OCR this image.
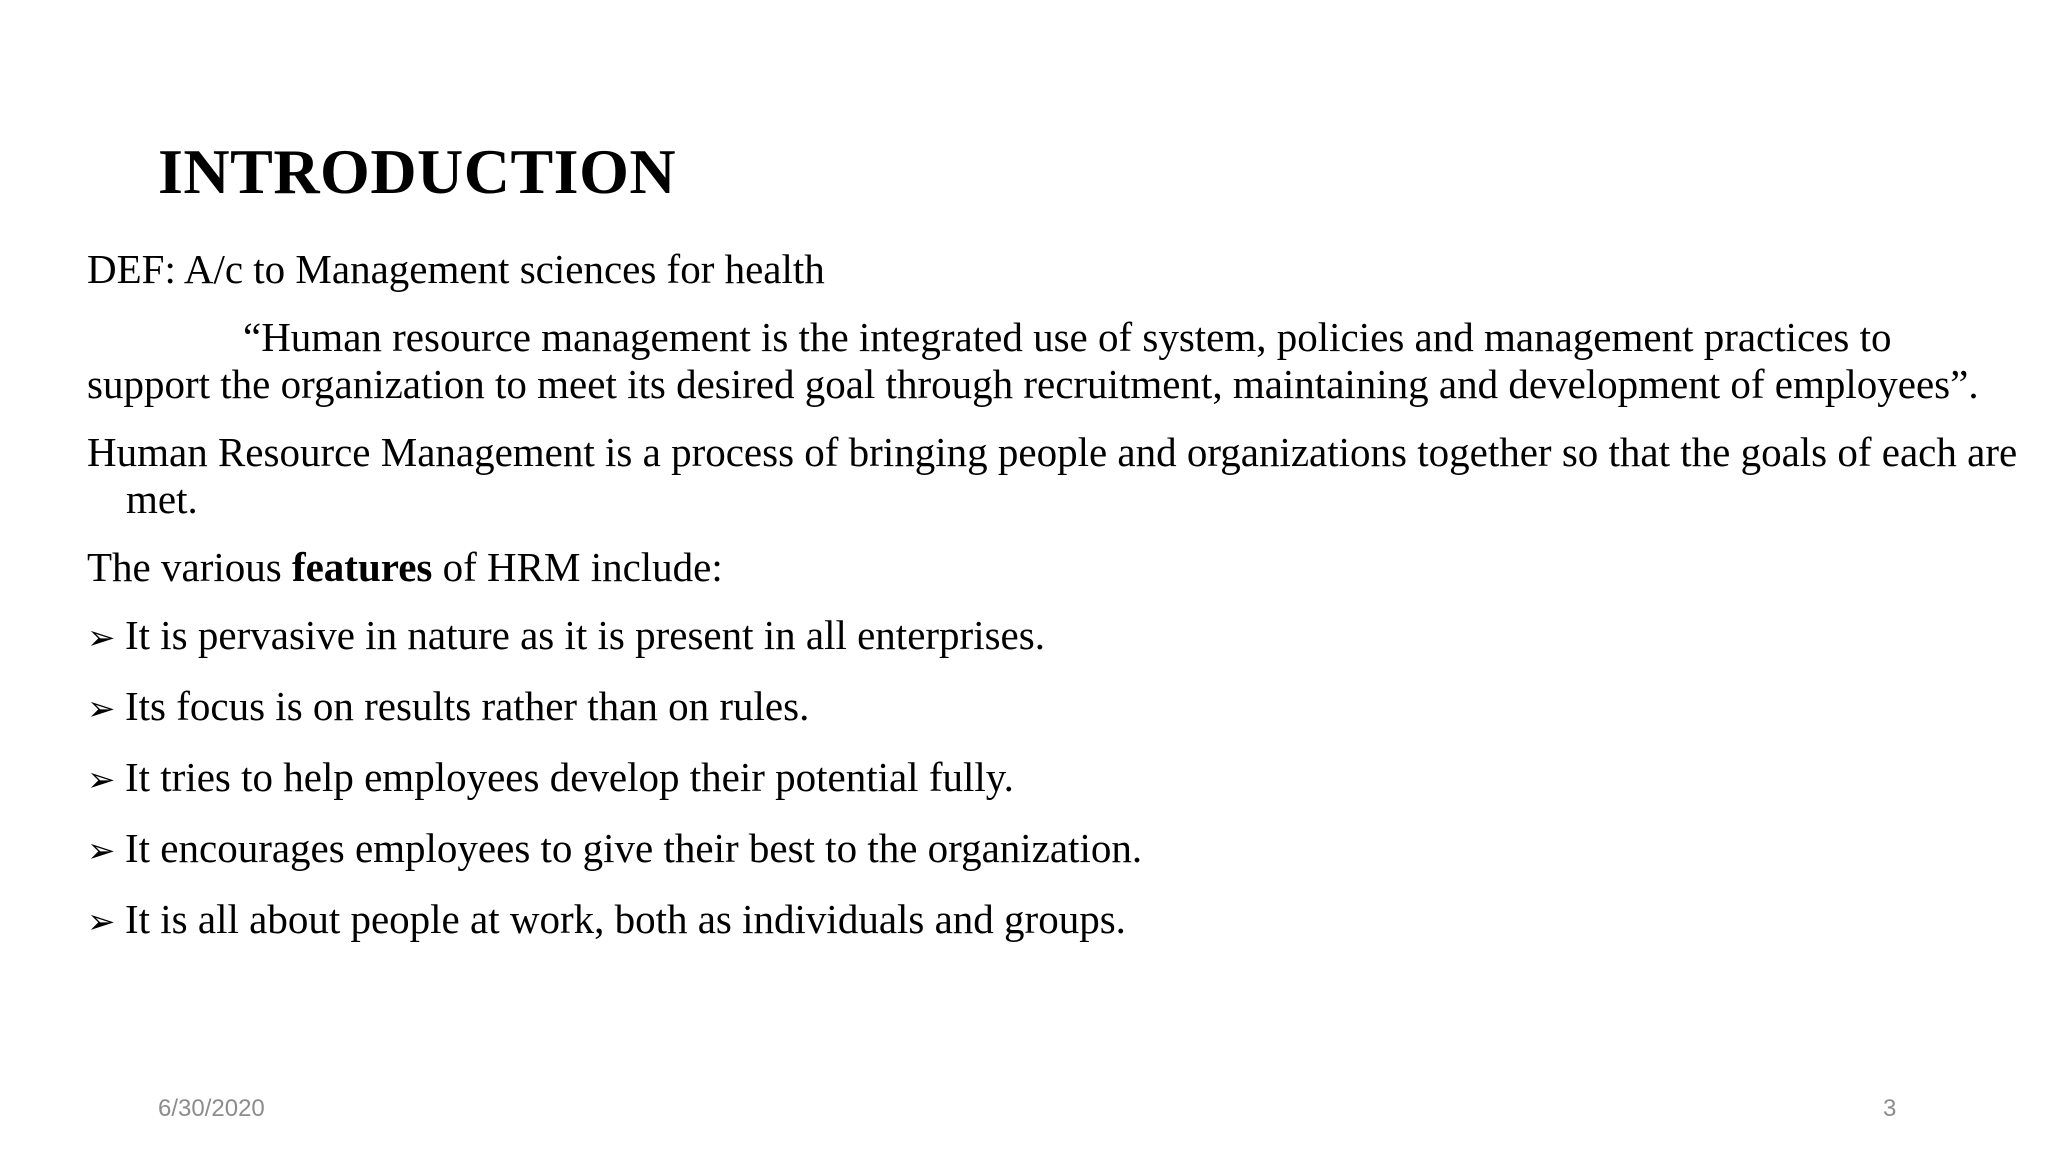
INTRODUCTION

DEF: A/c to Management sciences for health

“Human resource management is the integrated use of system, policies and management practices to support the organization to meet its desired goal through recruitment, maintaining and development of employees”.

Human Resource Management is a process of bringing people and organizations together so that the goals of each are met.

The various features of HRM include:

➢ It is pervasive in nature as it is present in all enterprises.
➢ Its focus is on results rather than on rules.
➢ It tries to help employees develop their potential fully.
➢ It encourages employees to give their best to the organization.
➢ It is all about people at work, both as individuals and groups.
6/30/2020	3
